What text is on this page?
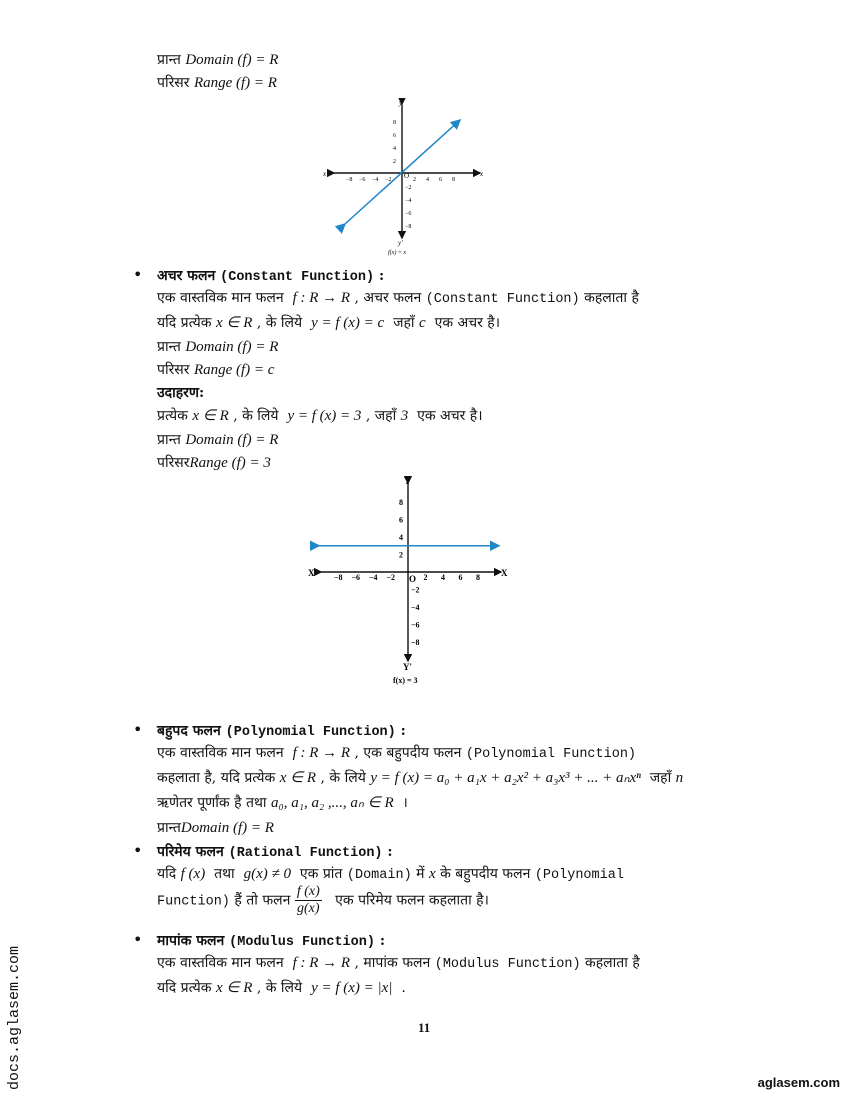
प्रान्त Domain (f) = R
परिसर Range (f) = R
x'	x
y
y'
O
f(x) = x
2
2
4
4
6
6
8
8
−2
−2
−4
−4
−6
−6
−8
−8
• अचर फलन (Constant Function) :
एक वास्तविक मान फलन f : R → R , अचर फलन (Constant Function) कहलाता है
यदि प्रत्येक x ∈ R , के लिये y = f (x) = c जहाँ c एक अचर है।
प्रान्त Domain (f) = R
परिसर Range (f) = c
उदाहरण:
प्रत्येक x ∈ R , के लिये y = f (x) = 3 , जहाँ 3 एक अचर है।
प्रान्त Domain (f) = R
परिसरRange (f) = 3
X'	X
Y
Y'
O
f(x) = 3
2
2
4
4
6
6
8
8
−2
−2
−4
−4
−6
−6
−8
−8
• बहुपद फलन (Polynomial Function) :
एक वास्तविक मान फलन f : R → R , एक बहुपदीय फलन (Polynomial Function)
कहलाता है, यदि प्रत्येक x ∈ R , के लिये y = f (x) = a₀ + a₁x + a₂x² + a₃x³ + ... + aₙxⁿ जहाँ n
ऋणेतर पूर्णांक है तथा a₀, a₁, a₂ ,..., aₙ ∈ R ।
प्रान्तDomain (f) = R
• परिमेय फलन (Rational Function) :
यदि f (x) तथा g(x) ≠ 0 एक प्रांत (Domain) में x के बहुपदीय फलन (Polynomial
Function) हैं तो फलन $\frac{f (x)}{g(x)}$ एक परिमेय फलन कहलाता है।
• मापांक फलन (Modulus Function) :
एक वास्तविक मान फलन f : R → R , मापांक फलन (Modulus Function) कहलाता है
यदि प्रत्येक x ∈ R , के लिये y = f (x) = |x| .
11
docs.aglasem.com	aglasem.com
